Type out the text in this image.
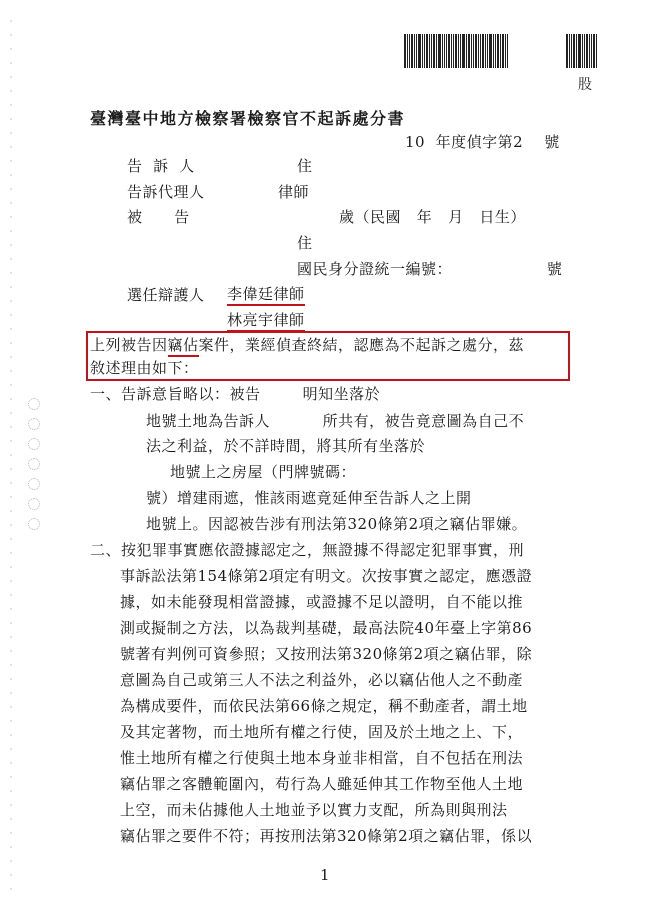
股
臺灣臺中地方檢察署檢察官不起訴處分書
10  年度偵字第2    號
告  訴  人	住
告訴代理人	律師
被      告	歲（民國   年   月   日生）
住
國民身分證統一編號：                  號
選任辯護人 李偉廷律師
林亮宇律師
上列被告因竊佔案件，業經偵查終結，認應為不起訴之處分，茲
敘述理由如下：
一、告訴意旨略以：被告        明知坐落於
地號土地為告訴人          所共有，被告竟意圖為自己不
法之利益，於不詳時間，將其所有坐落於
地號上之房屋（門牌號碼：
號）增建雨遮，惟該雨遮竟延伸至告訴人之上開
地號上。因認被告涉有刑法第320條第2項之竊佔罪嫌。
二、按犯罪事實應依證據認定之，無證據不得認定犯罪事實，刑
事訴訟法第154條第2項定有明文。次按事實之認定，應憑證
據，如未能發現相當證據，或證據不足以證明，自不能以推
測或擬制之方法，以為裁判基礎，最高法院40年臺上字第86
號著有判例可資參照；又按刑法第320條第2項之竊佔罪，除
意圖為自己或第三人不法之利益外，必以竊佔他人之不動產
為構成要件，而依民法第66條之規定，稱不動產者，謂土地
及其定著物，而土地所有權之行使，固及於土地之上、下，
惟土地所有權之行使與土地本身並非相當，自不包括在刑法
竊佔罪之客體範圍內，苟行為人雖延伸其工作物至他人土地
上空，而未佔據他人土地並予以實力支配，所為則與刑法
竊佔罪之要件不符；再按刑法第320條第2項之竊佔罪，係以
1
